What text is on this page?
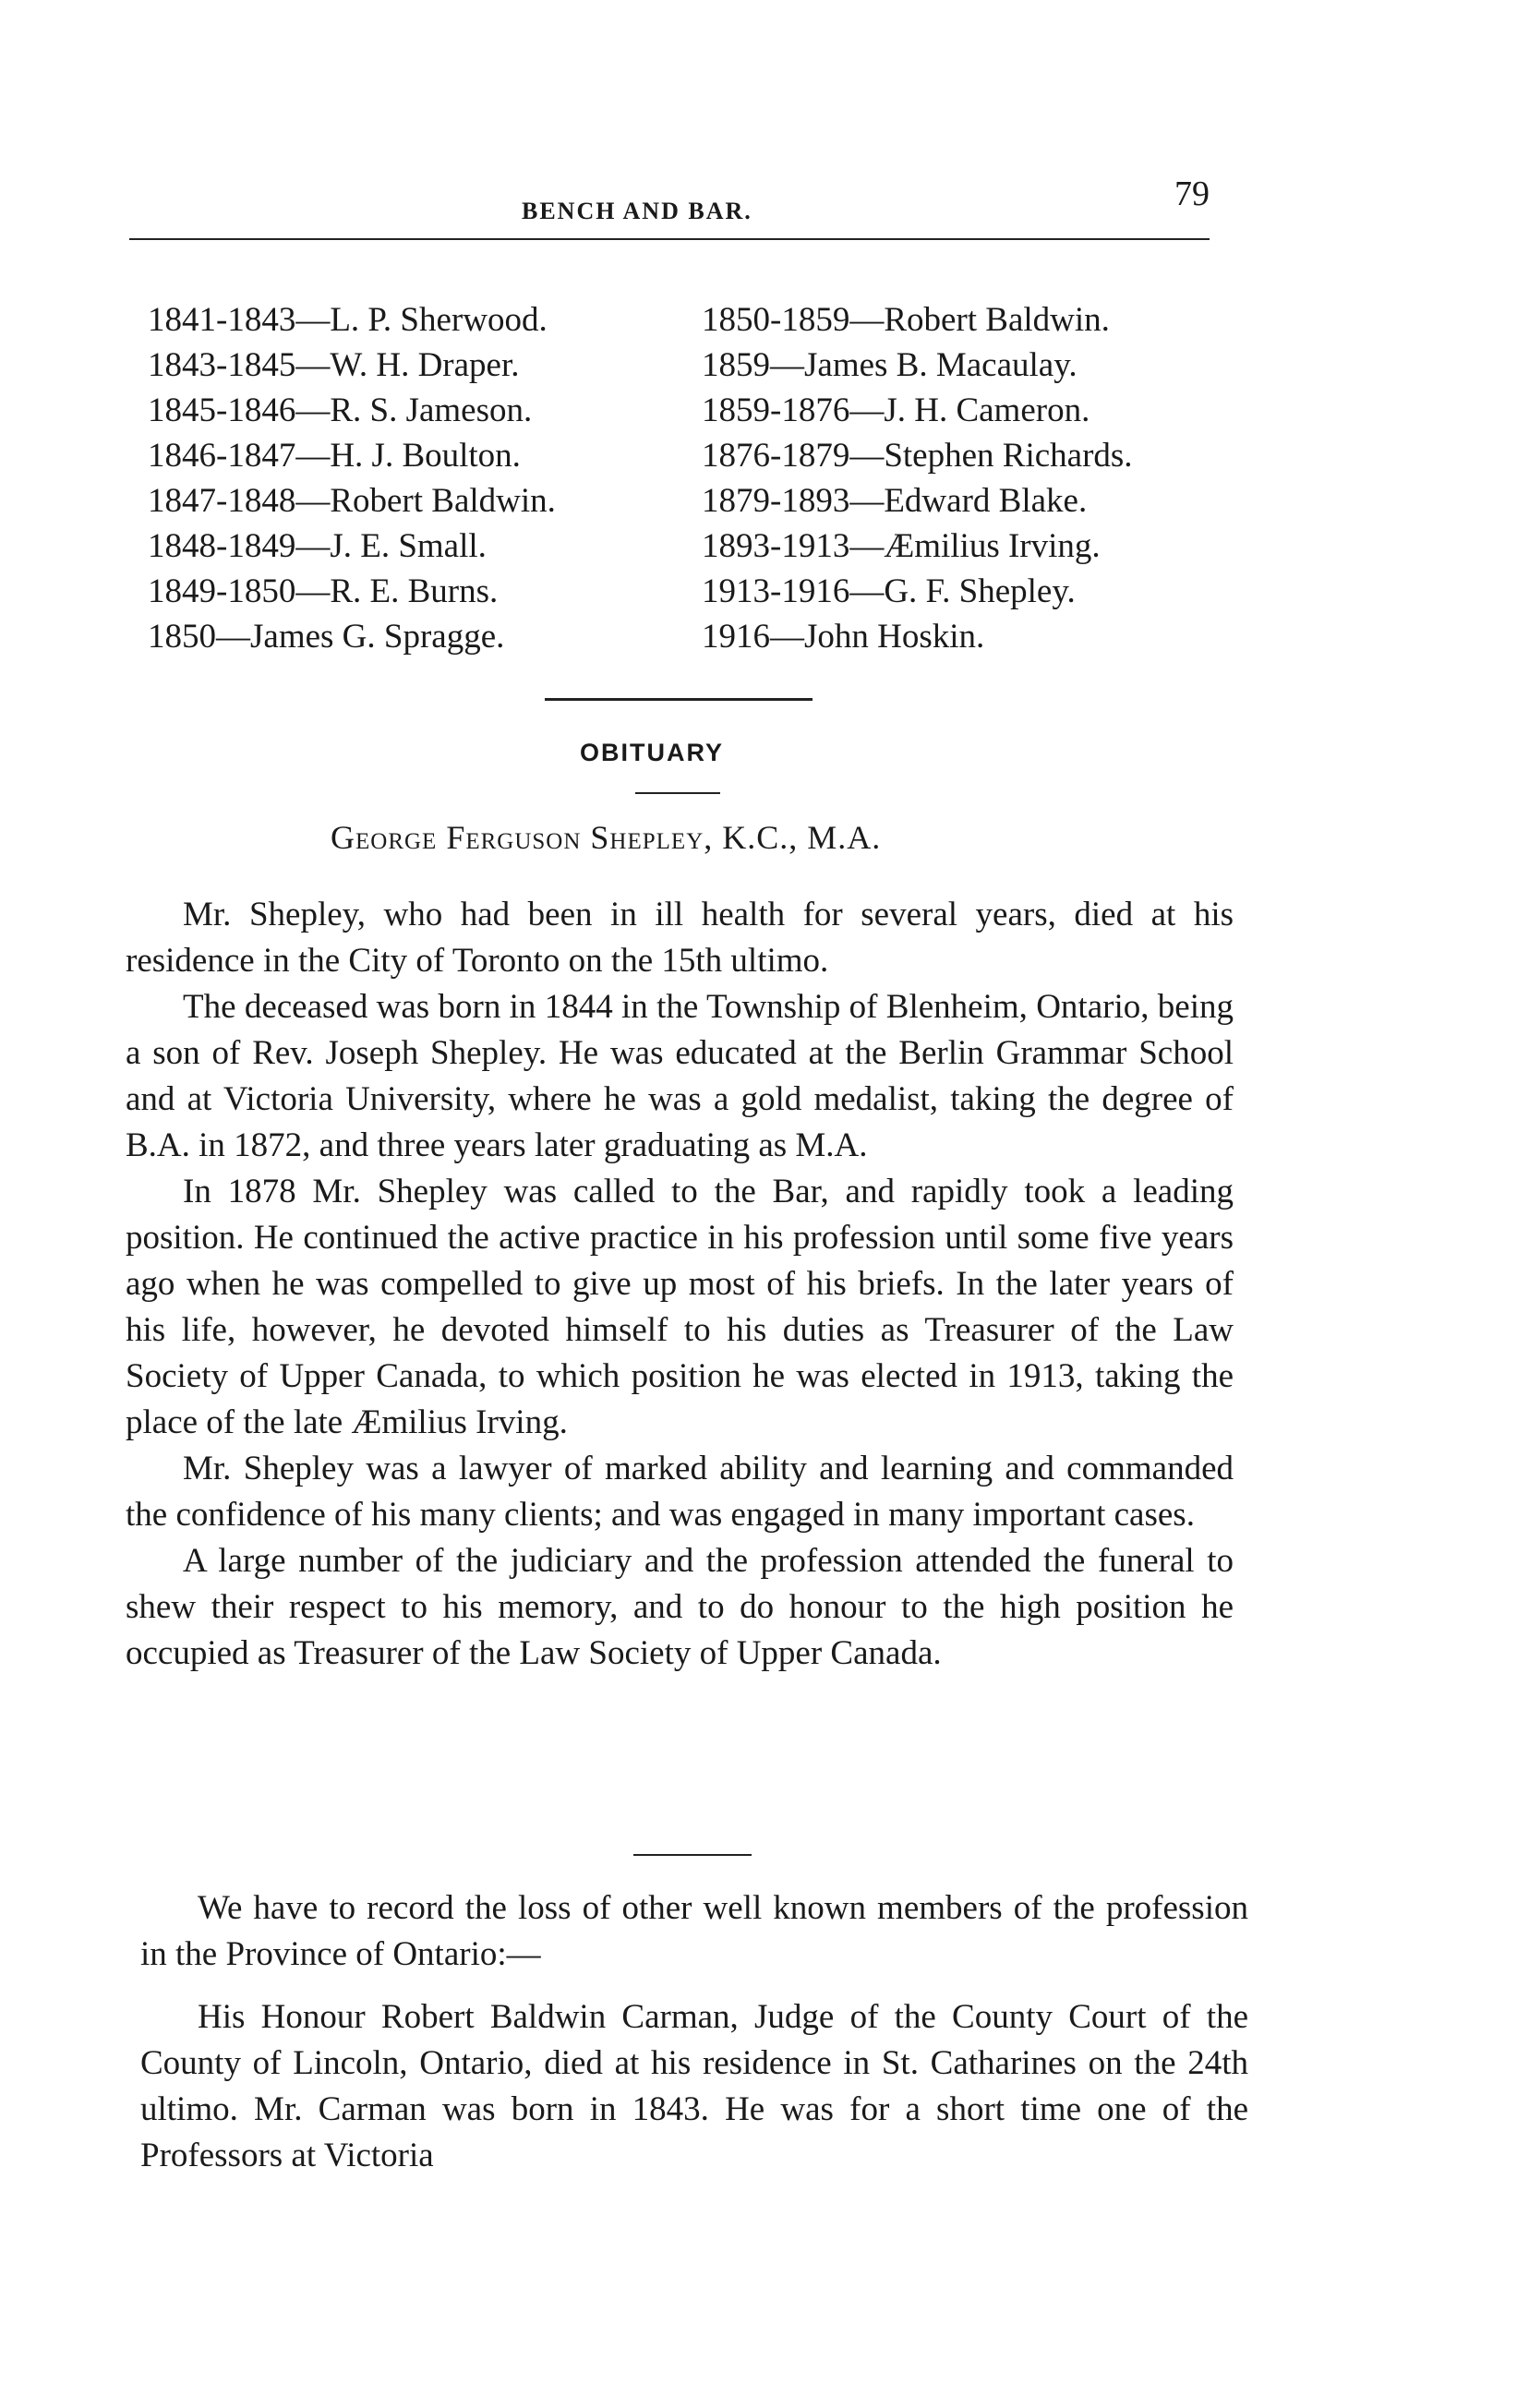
BENCH AND BAR.	79
1841-1843—L. P. Sherwood.
1843-1845—W. H. Draper.
1845-1846—R. S. Jameson.
1846-1847—H. J. Boulton.
1847-1848—Robert Baldwin.
1848-1849—J. E. Small.
1849-1850—R. E. Burns.
1850—James G. Spragge.
1850-1859—Robert Baldwin.
1859—James B. Macaulay.
1859-1876—J. H. Cameron.
1876-1879—Stephen Richards.
1879-1893—Edward Blake.
1893-1913—Æmilius Irving.
1913-1916—G. F. Shepley.
1916—John Hoskin.
OBITUARY
George Ferguson Shepley, K.C., M.A.

Mr. Shepley, who had been in ill health for several years, died at his residence in the City of Toronto on the 15th ultimo.

The deceased was born in 1844 in the Township of Blenheim, Ontario, being a son of Rev. Joseph Shepley. He was educated at the Berlin Grammar School and at Victoria University, where he was a gold medalist, taking the degree of B.A. in 1872, and three years later graduating as M.A.

In 1878 Mr. Shepley was called to the Bar, and rapidly took a leading position. He continued the active practice in his profession until some five years ago when he was compelled to give up most of his briefs. In the later years of his life, however, he devoted himself to his duties as Treasurer of the Law Society of Upper Canada, to which position he was elected in 1913, taking the place of the late Æmilius Irving.

Mr. Shepley was a lawyer of marked ability and learning and commanded the confidence of his many clients; and was engaged in many important cases.

A large number of the judiciary and the profession attended the funeral to shew their respect to his memory, and to do honour to the high position he occupied as Treasurer of the Law Society of Upper Canada.

We have to record the loss of other well known members of the profession in the Province of Ontario:—

His Honour Robert Baldwin Carman, Judge of the County Court of the County of Lincoln, Ontario, died at his residence in St. Catharines on the 24th ultimo. Mr. Carman was born in 1843. He was for a short time one of the Professors at Victoria
